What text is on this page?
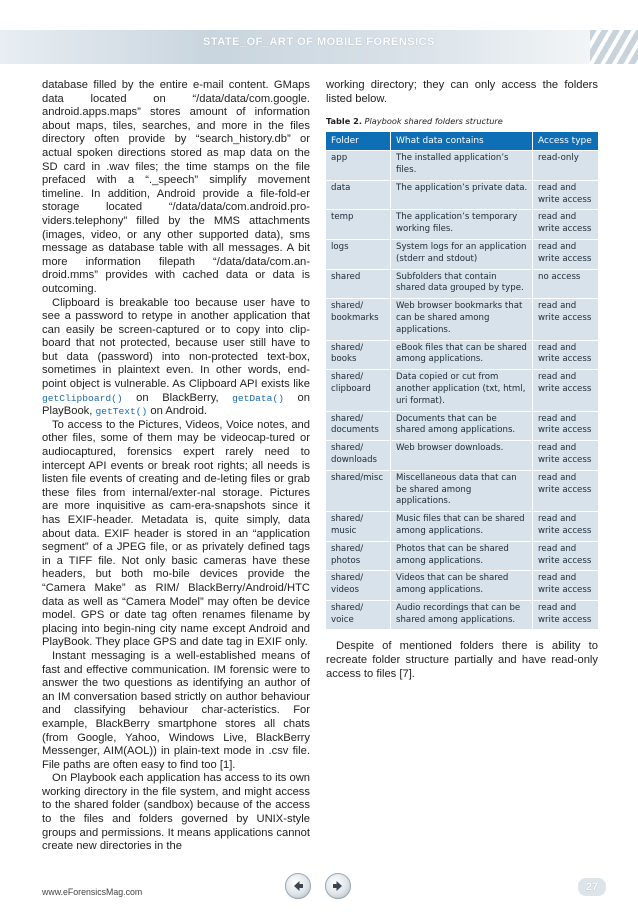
STATE_OF_ART OF MOBILE FORENSICS

database filled by the entire e-mail content. GMaps data located on “/data/data/com.google. android.apps.maps” stores amount of information about maps, tiles, searches, and more in the files directory often provide by “search_history.db” or actual spoken directions stored as map data on the SD card in .wav files; the time stamps on the file prefaced with a “._speech” simplify movement timeline. In addition, Android provide a file-fold-er storage located “/data/data/com.android.pro-viders.telephony” filled by the MMS attachments (images, video, or any other supported data), sms message as database table with all messages. A bit more information filepath “/data/data/com.an-droid.mms” provides with cached data or data is outcoming.

Clipboard is breakable too because user have to see a password to retype in another application that can easily be screen-captured or to copy into clip-board that not protected, because user still have to but data (password) into non-protected text-box, sometimes in plaintext even. In other words, end-point object is vulnerable. As Clipboard API exists like getClipboard() on BlackBerry, getData() on PlayBook, getText() on Android.

To access to the Pictures, Videos, Voice notes, and other files, some of them may be videocap-tured or audiocaptured, forensics expert rarely need to intercept API events or break root rights; all needs is listen file events of creating and de-leting files or grab these files from internal/exter-nal storage. Pictures are more inquisitive as cam-era-snapshots since it has EXIF-header. Metadata is, quite simply, data about data. EXIF header is stored in an “application segment” of a JPEG file, or as privately defined tags in a TIFF file. Not only basic cameras have these headers, but both mo-bile devices provide the “Camera Make” as RIM/ BlackBerry/Android/HTC data as well as “Camera Model” may often be device model. GPS or date tag often renames filename by placing into begin-ning city name except Android and PlayBook. They place GPS and date tag in EXIF only.

Instant messaging is a well-established means of fast and effective communication. IM forensic were to answer the two questions as identifying an author of an IM conversation based strictly on author behaviour and classifying behaviour char-acteristics. For example, BlackBerry smartphone stores all chats (from Google, Yahoo, Windows Live, BlackBerry Messenger, AIM(AOL)) in plain-text mode in .csv file. File paths are often easy to find too [1].

On Playbook each application has access to its own working directory in the file system, and might access to the shared folder (sandbox) because of the access to the files and folders governed by UNIX-style groups and permissions. It means applications cannot create new directories in the

working directory; they can only access the folders listed below.
Table 2. Playbook shared folders structure
Folder	What data contains	Access type
app	The installed application’s files.	read-only
data	The application’s private data.	read and write access
temp	The application’s temporary working files.	read and write access
logs	System logs for an application (stderr and stdout)	read and write access
shared	Subfolders that contain shared data grouped by type.	no access
shared/ bookmarks	Web browser bookmarks that can be shared among applications.	read and write access
shared/ books	eBook files that can be shared among applications.	read and write access
shared/ clipboard	Data copied or cut from another application (txt, html, uri format).	read and write access
shared/ documents	Documents that can be shared among applications.	read and write access
shared/ downloads	Web browser downloads.	read and write access
shared/misc	Miscellaneous data that can be shared among applications.	read and write access
shared/ music	Music files that can be shared among applications.	read and write access
shared/ photos	Photos that can be shared among applications.	read and write access
shared/ videos	Videos that can be shared among applications.	read and write access
shared/ voice	Audio recordings that can be shared among applications.	read and write access

Despite of mentioned folders there is ability to recreate folder structure partially and have read-only access to files [7].

www.eForensicsMag.com	27
